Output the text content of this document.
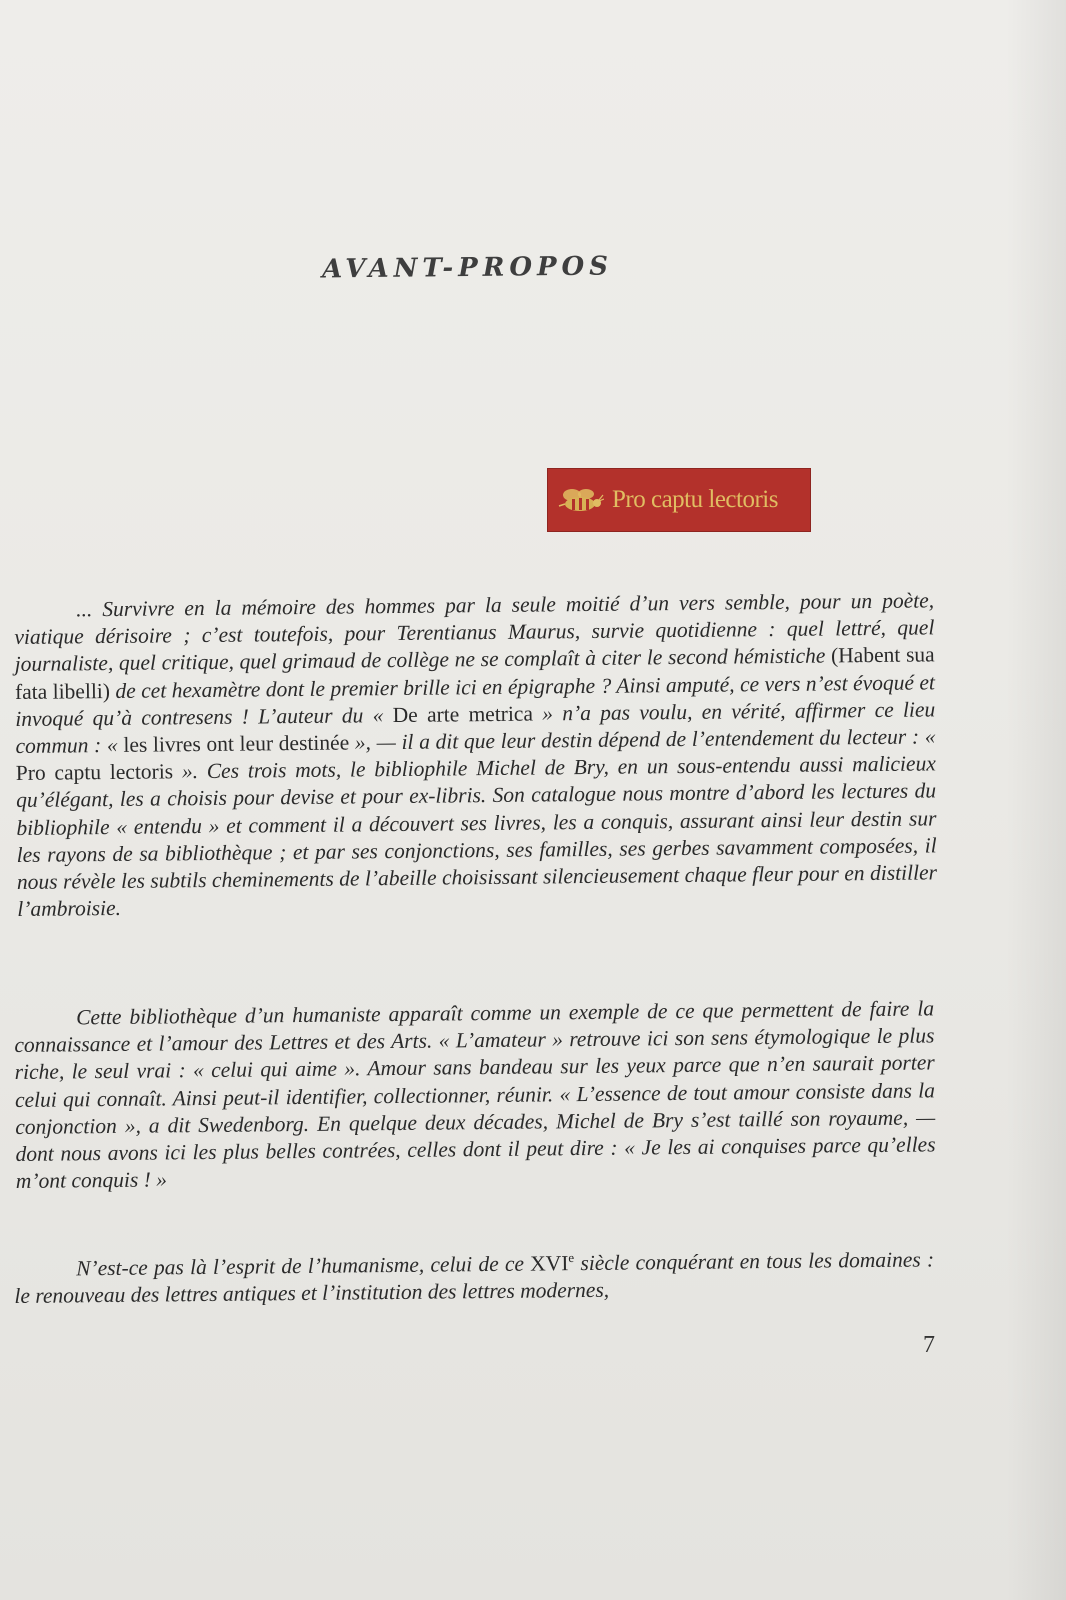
AVANT-PROPOS
Pro captu lectoris

... Survivre en la mémoire des hommes par la seule moitié d’un vers semble, pour un poète, viatique dérisoire ; c’est toutefois, pour Terentianus Maurus, survie quotidienne : quel lettré, quel journaliste, quel critique, quel grimaud de collège ne se complaît à citer le second hémistiche (Habent sua fata libelli) de cet hexamètre dont le premier brille ici en épigraphe ? Ainsi amputé, ce vers n’est évoqué et invoqué qu’à contresens ! L’auteur du « De arte metrica » n’a pas voulu, en vérité, affirmer ce lieu commun : « les livres ont leur destinée », — il a dit que leur destin dépend de l’entendement du lecteur : « Pro captu lectoris ». Ces trois mots, le bibliophile Michel de Bry, en un sous-entendu aussi malicieux qu’élégant, les a choisis pour devise et pour ex-libris. Son catalogue nous montre d’abord les lectures du bibliophile « entendu » et comment il a découvert ses livres, les a conquis, assurant ainsi leur destin sur les rayons de sa bibliothèque ; et par ses conjonctions, ses familles, ses gerbes savamment composées, il nous révèle les subtils cheminements de l’abeille choisissant silencieusement chaque fleur pour en distiller l’ambroisie.

Cette bibliothèque d’un humaniste apparaît comme un exemple de ce que permettent de faire la connaissance et l’amour des Lettres et des Arts. « L’amateur » retrouve ici son sens étymologique le plus riche, le seul vrai : « celui qui aime ». Amour sans bandeau sur les yeux parce que n’en saurait porter celui qui connaît. Ainsi peut-il identifier, collectionner, réunir. « L’essence de tout amour consiste dans la conjonction », a dit Swedenborg. En quelque deux décades, Michel de Bry s’est taillé son royaume, — dont nous avons ici les plus belles contrées, celles dont il peut dire : « Je les ai conquises parce qu’elles m’ont conquis ! »

N’est-ce pas là l’esprit de l’humanisme, celui de ce XVIe siècle conquérant en tous les domaines : le renouveau des lettres antiques et l’institution des lettres modernes,

7
